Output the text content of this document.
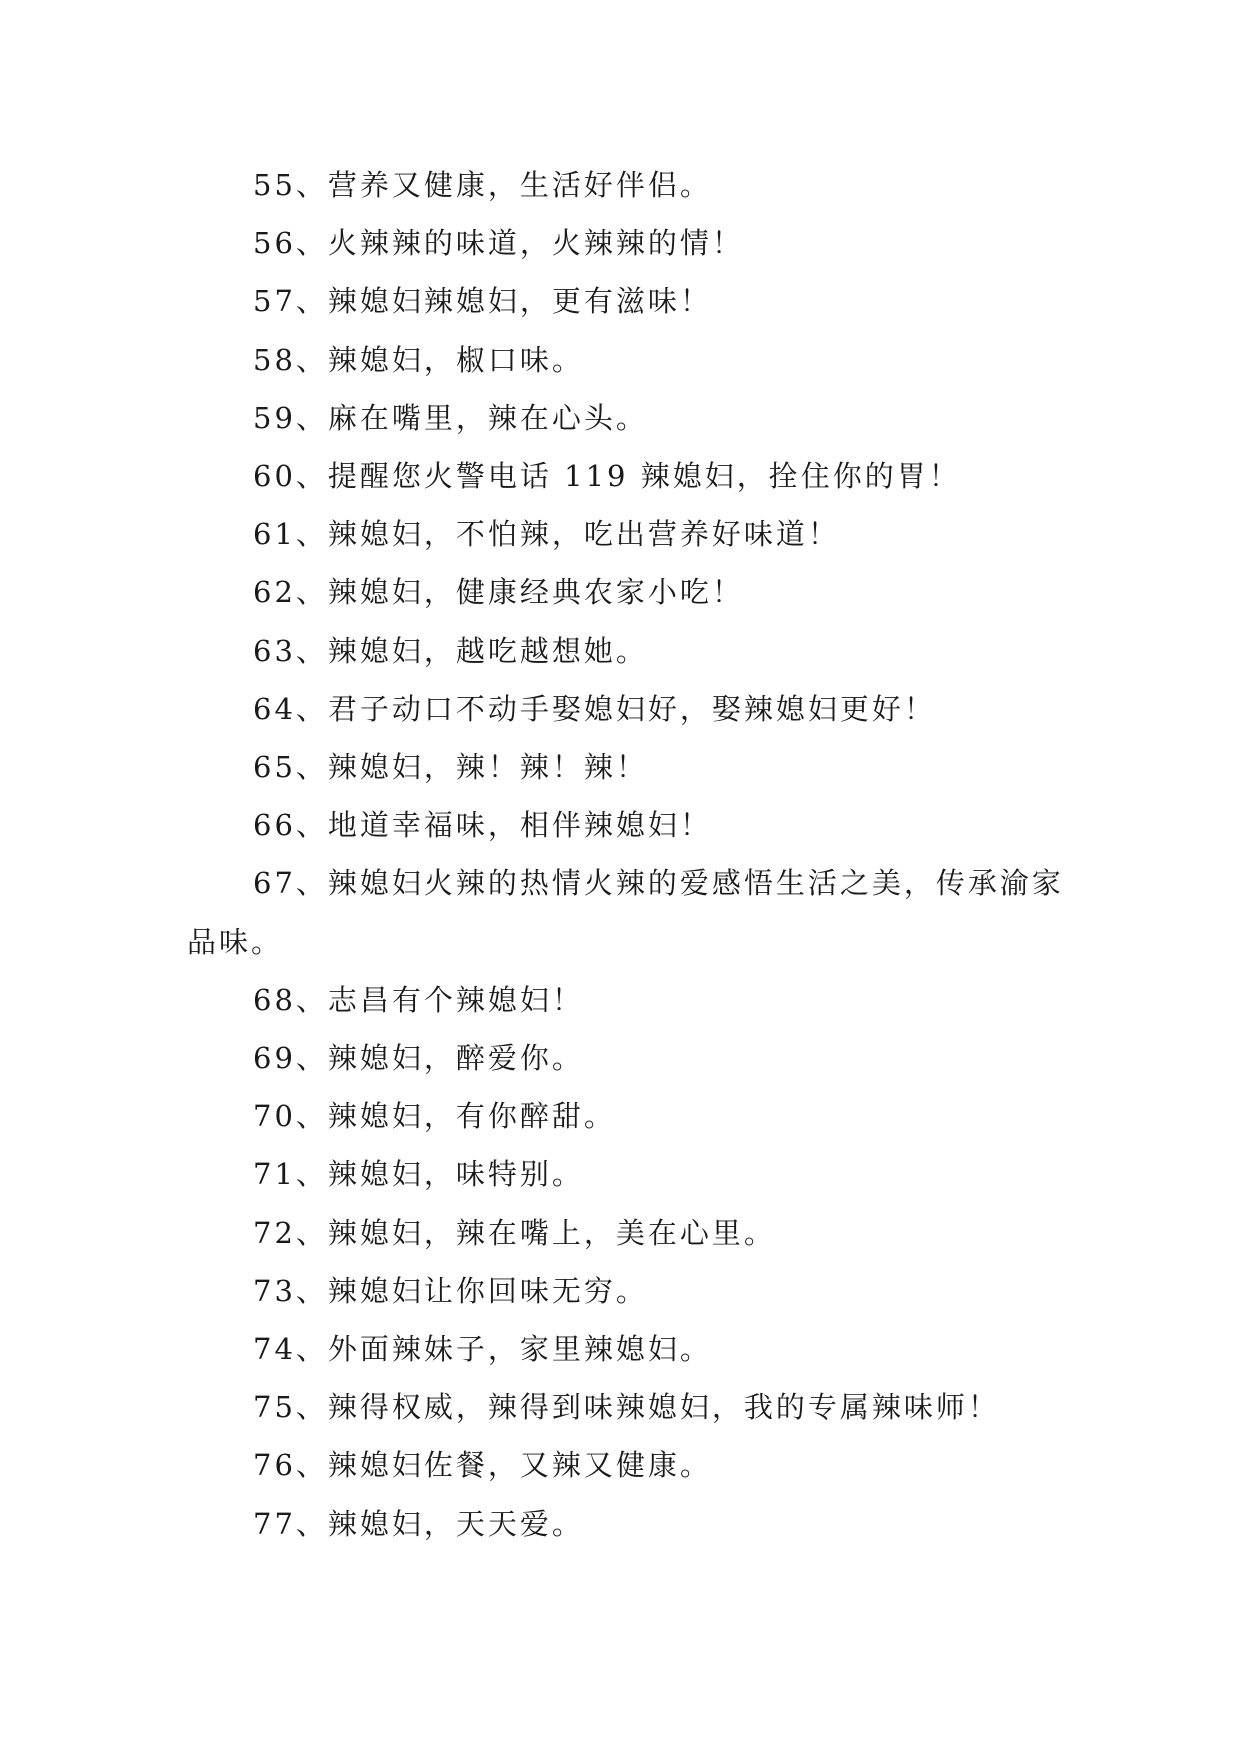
55、营养又健康，生活好伴侣。

56、火辣辣的味道，火辣辣的情！

57、辣媳妇辣媳妇，更有滋味！

58、辣媳妇，椒口味。

59、麻在嘴里，辣在心头。

60、提醒您火警电话 119 辣媳妇，拴住你的胃！

61、辣媳妇，不怕辣，吃出营养好味道！

62、辣媳妇，健康经典农家小吃！

63、辣媳妇，越吃越想她。

64、君子动口不动手娶媳妇好，娶辣媳妇更好！

65、辣媳妇，辣！辣！辣！

66、地道幸福味，相伴辣媳妇！

67、辣媳妇火辣的热情火辣的爱感悟生活之美，传承渝家品味。

68、志昌有个辣媳妇！

69、辣媳妇，醉爱你。

70、辣媳妇，有你醉甜。

71、辣媳妇，味特别。

72、辣媳妇，辣在嘴上，美在心里。

73、辣媳妇让你回味无穷。

74、外面辣妹子，家里辣媳妇。

75、辣得权威，辣得到味辣媳妇，我的专属辣味师！

76、辣媳妇佐餐，又辣又健康。

77、辣媳妇，天天爱。
